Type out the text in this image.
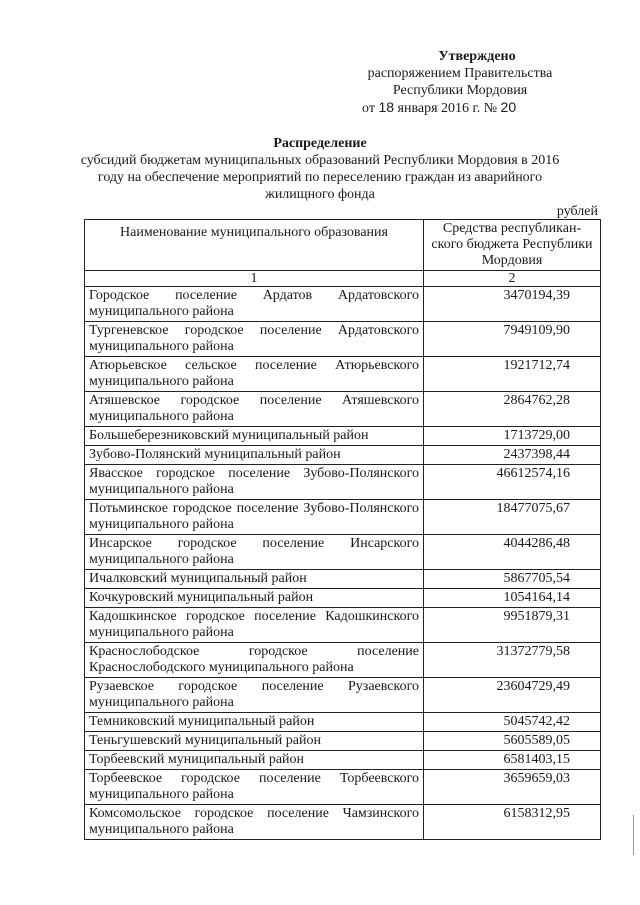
Утверждено
распоряжением Правительства
Республики Мордовия
от 18 января 2016 г. № 20
Распределение
субсидий бюджетам муниципальных образований Республики Мордовия в 2016 году на обеспечение мероприятий по переселению граждан из аварийного жилищного фонда
рублей
Наименование муниципального образования	Средства республикан-ского бюджета Республики Мордовия
1	2
Городское поселение Ардатов Ардатовского муниципального района	3470194,39
Тургеневское городское поселение Ардатовского муниципального района	7949109,90
Атюрьевское сельское поселение Атюрьевского муниципального района	1921712,74
Атяшевское городское поселение Атяшевского муниципального района	2864762,28
Большеберезниковский муниципальный район	1713729,00
Зубово-Полянский муниципальный район	2437398,44
Явасское городское поселение Зубово-Полянского муниципального района	46612574,16
Потьминское городское поселение Зубово-Полянского муниципального района	18477075,67
Инсарское городское поселение Инсарского муниципального района	4044286,48
Ичалковский муниципальный район	5867705,54
Кочкуровский муниципальный район	1054164,14
Кадошкинское городское поселение Кадошкинского муниципального района	9951879,31
Краснослободское городское поселение Краснослободского муниципального района	31372779,58
Рузаевское городское поселение Рузаевского муниципального района	23604729,49
Темниковский муниципальный район	5045742,42
Теньгушевский муниципальный район	5605589,05
Торбеевский муниципальный район	6581403,15
Торбеевское городское поселение Торбеевского муниципального района	3659659,03
Комсомольское городское поселение Чамзинского муниципального района	6158312,95
